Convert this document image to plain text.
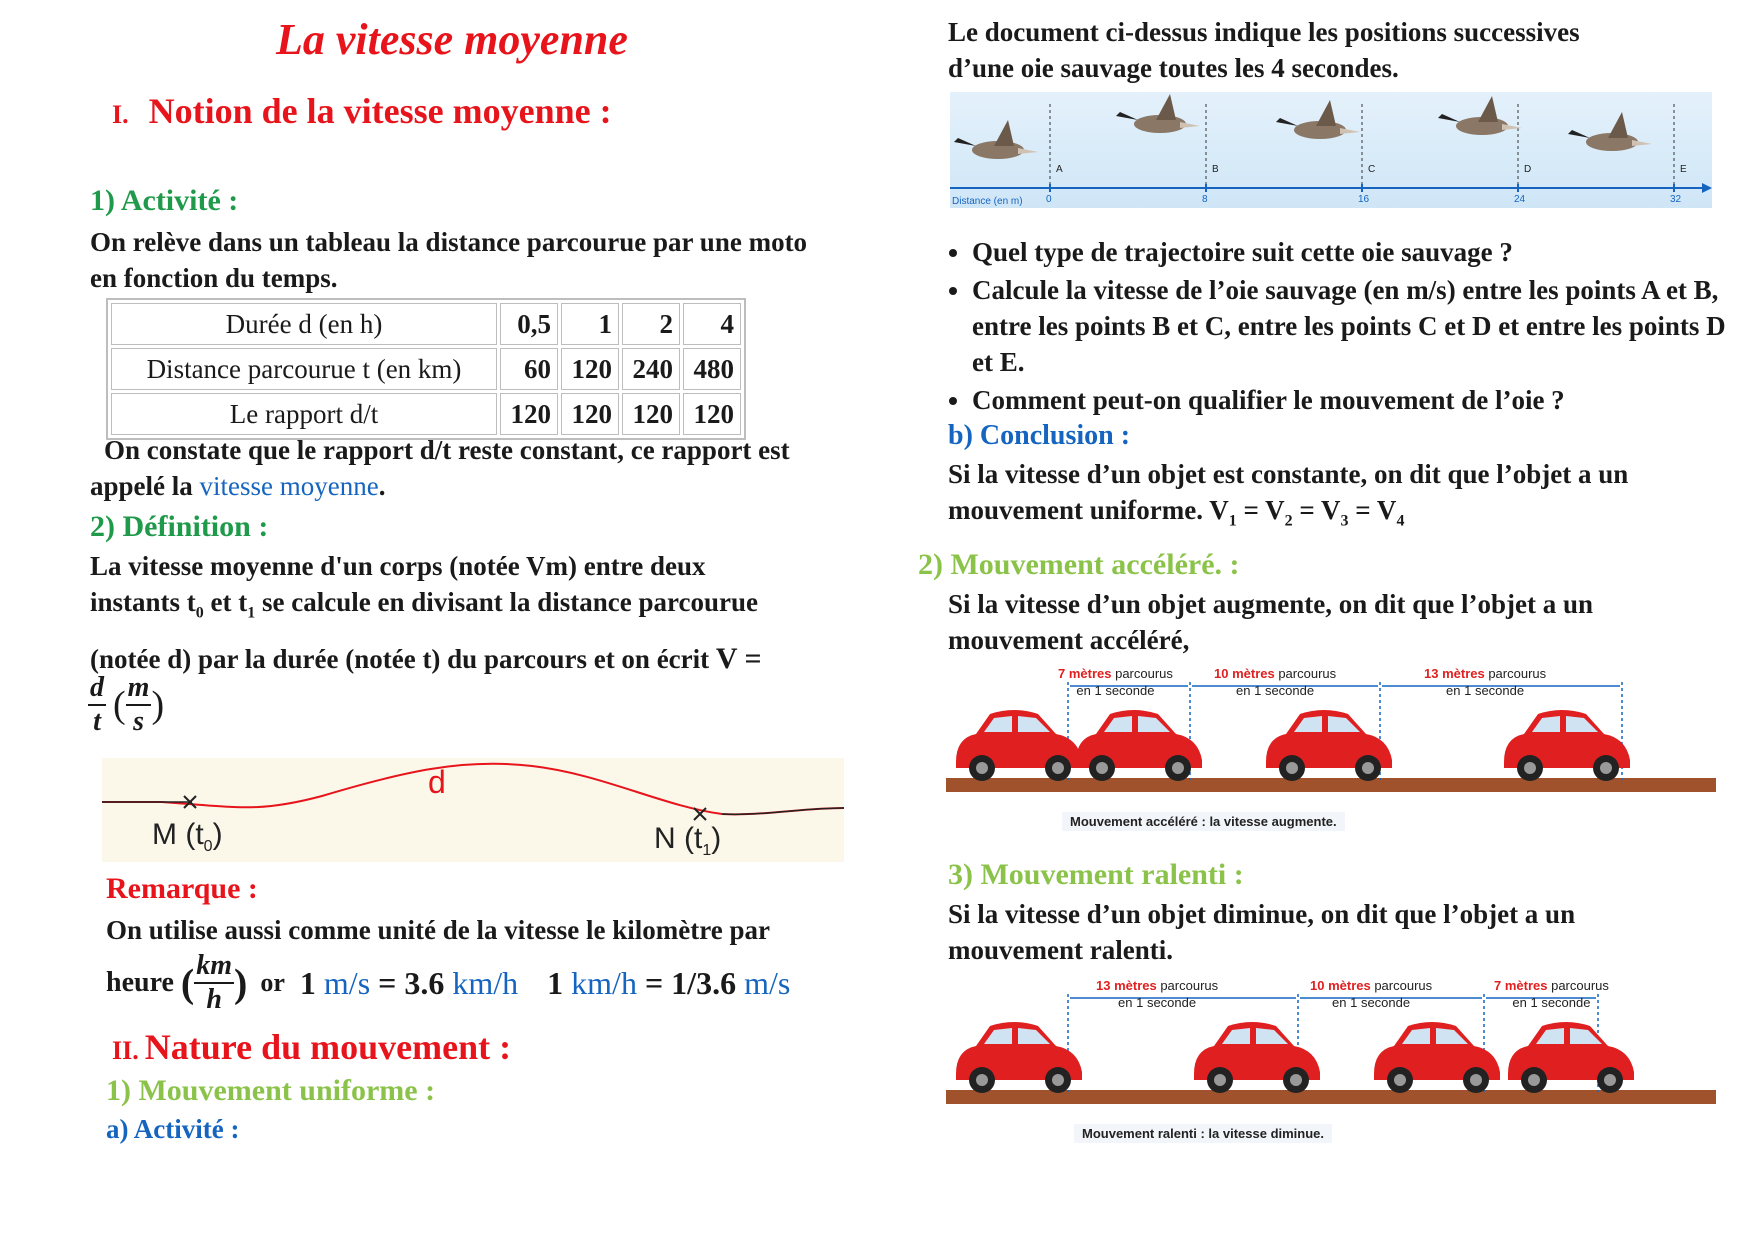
La vitesse moyenne
I. Notion de la vitesse moyenne :
1) Activité :
On relève dans un tableau la distance parcourue par une moto en fonction du temps.
Durée d (en h)	0,5	1	2	4
Distance parcourue t (en km)	60	120	240	480
Le rapport d/t	120	120	120	120
On constate que le rapport d/t reste constant, ce rapport est appelé la vitesse moyenne.
2) Définition :
La vitesse moyenne d'un corps (notée Vm) entre deux
instants $t_0$ et $t_1$ se calcule en divisant la distance parcourue
(notée d) par la durée (notée t) du parcours et on écrit V =
$\frac{d}{t}$ ( $\frac{m}{s}$ )
d
M $(t_0)$	N $(t_1)$
Remarque :
On utilise aussi comme unité de la vitesse le kilomètre par
heure ( $\frac{km}{h}$ ) or 1 m/s = 3.6 km/h 1 km/h = 1/3.6 m/s
II. Nature du mouvement :
1) Mouvement uniforme :
a) Activité :
Le document ci-dessus indique les positions successives
d’une oie sauvage toutes les 4 secondes.
Distance (en m)
A
0
B
8
C
16
D
24
E
32
• Quel type de trajectoire suit cette oie sauvage ?
• Calcule la vitesse de l’oie sauvage (en m/s) entre les points A et B, entre les points B et C, entre les points C et D et entre les points D et E.
• Comment peut-on qualifier le mouvement de l’oie ?
b) Conclusion :
Si la vitesse d’un objet est constante, on dit que l’objet a un
mouvement uniforme. $V_1 = V_2 = V_3 = V_4$
2) Mouvement accéléré. :
Si la vitesse d’un objet augmente, on dit que l’objet a un
mouvement accéléré,
7 mètres parcourus
en 1 seconde
10 mètres parcourus
en 1 seconde
13 mètres parcourus
en 1 seconde
Mouvement accéléré : la vitesse augmente.
3) Mouvement ralenti :
Si la vitesse d’un objet diminue, on dit que l’objet a un
mouvement ralenti.
13 mètres parcourus
en 1 seconde
10 mètres parcourus
en 1 seconde
7 mètres parcourus
en 1 seconde
Mouvement ralenti : la vitesse diminue.
